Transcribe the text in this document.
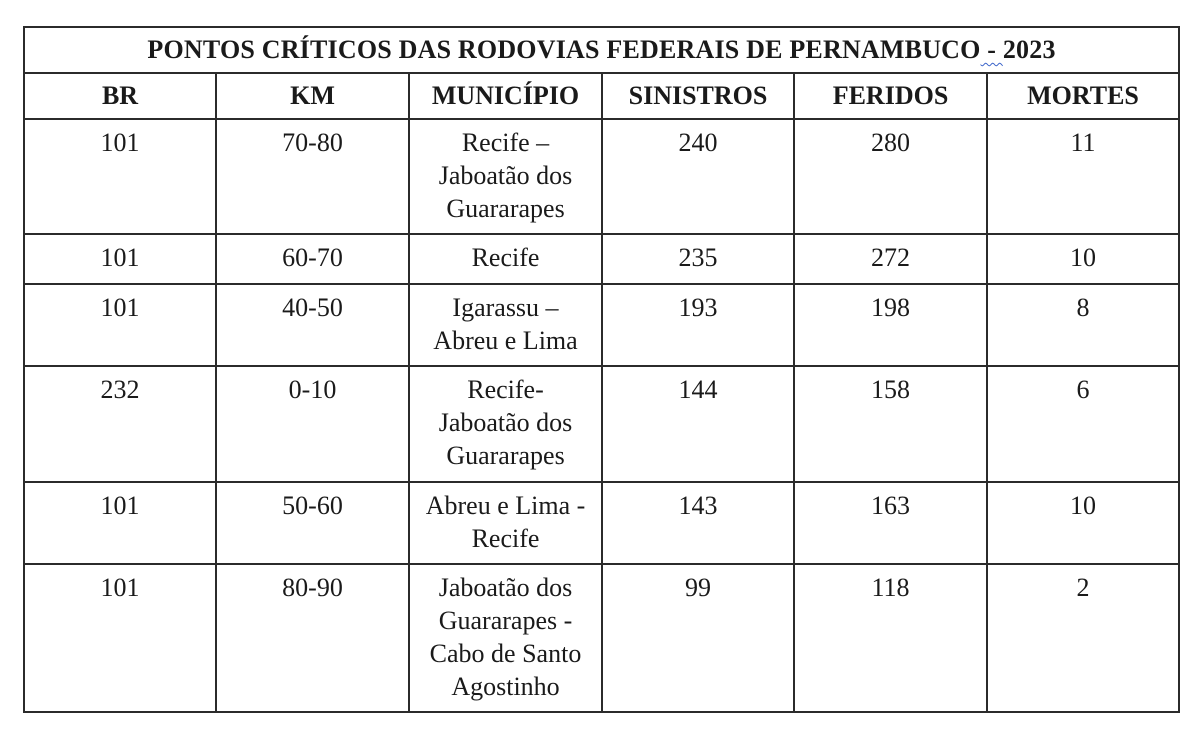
PONTOS CRÍTICOS DAS RODOVIAS FEDERAIS DE PERNAMBUCO - 2023					
BR	KM	MUNICÍPIO	SINISTROS	FERIDOS	MORTES
101	70-80	Recife –
Jaboatão dos
Guararapes	240	280	11
101	60-70	Recife	235	272	10
101	40-50	Igarassu –
Abreu e Lima	193	198	8
232	0-10	Recife-
Jaboatão dos
Guararapes	144	158	6
101	50-60	Abreu e Lima -
Recife	143	163	10
101	80-90	Jaboatão dos
Guararapes -
Cabo de Santo
Agostinho	99	118	2
